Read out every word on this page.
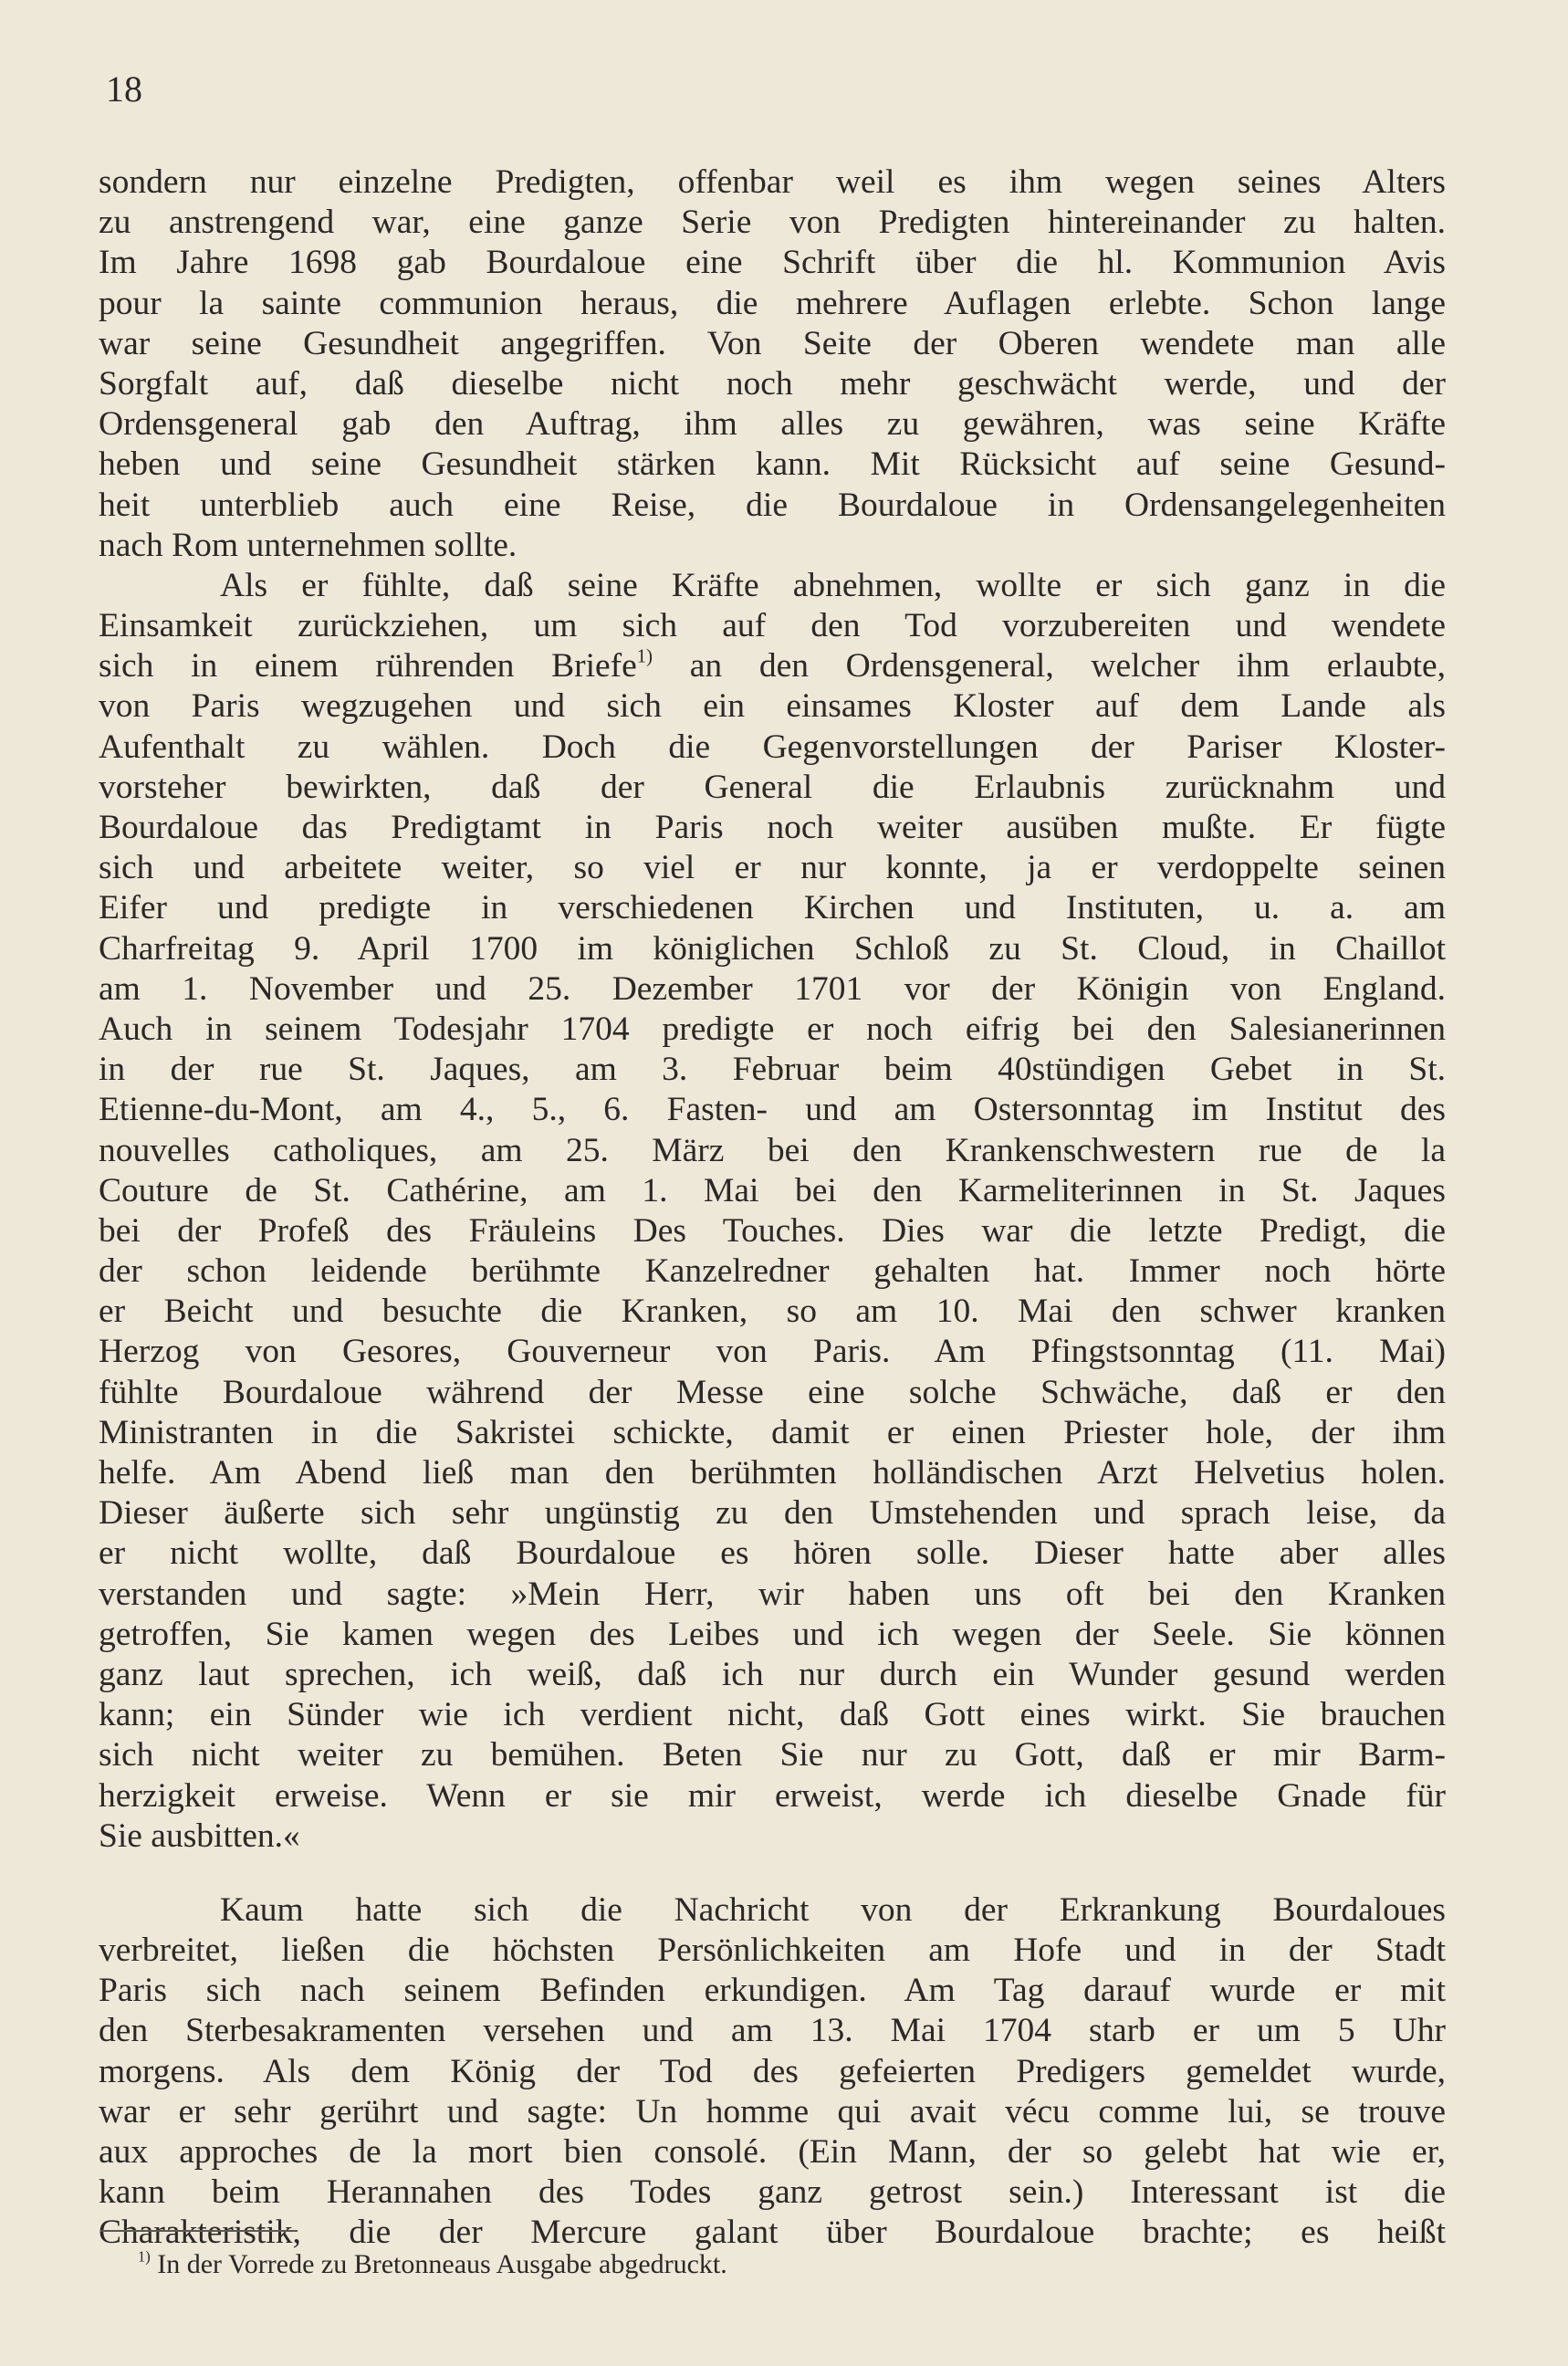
18
sondern nur einzelne Predigten, offenbar weil es ihm wegen seines Alters
zu anstrengend war, eine ganze Serie von Predigten hintereinander zu halten.
Im Jahre 1698 gab Bourdaloue eine Schrift über die hl. Kommunion Avis
pour la sainte communion heraus, die mehrere Auflagen erlebte. Schon lange
war seine Gesundheit angegriffen. Von Seite der Oberen wendete man alle
Sorgfalt auf, daß dieselbe nicht noch mehr geschwächt werde, und der
Ordensgeneral gab den Auftrag, ihm alles zu gewähren, was seine Kräfte
heben und seine Gesundheit stärken kann. Mit Rücksicht auf seine Gesund-
heit unterblieb auch eine Reise, die Bourdaloue in Ordensangelegenheiten
nach Rom unternehmen sollte.
Als er fühlte, daß seine Kräfte abnehmen, wollte er sich ganz in die
Einsamkeit zurückziehen, um sich auf den Tod vorzubereiten und wendete
sich in einem rührenden Briefe$^{1)}$ an den Ordensgeneral, welcher ihm erlaubte,
von Paris wegzugehen und sich ein einsames Kloster auf dem Lande als
Aufenthalt zu wählen. Doch die Gegenvorstellungen der Pariser Kloster-
vorsteher bewirkten, daß der General die Erlaubnis zurücknahm und
Bourdaloue das Predigtamt in Paris noch weiter ausüben mußte. Er fügte
sich und arbeitete weiter, so viel er nur konnte, ja er verdoppelte seinen
Eifer und predigte in verschiedenen Kirchen und Instituten, u. a. am
Charfreitag 9. April 1700 im königlichen Schloß zu St. Cloud, in Chaillot
am 1. November und 25. Dezember 1701 vor der Königin von England.
Auch in seinem Todesjahr 1704 predigte er noch eifrig bei den Salesianerinnen
in der rue St. Jaques, am 3. Februar beim 40stündigen Gebet in St.
Etienne-du-Mont, am 4., 5., 6. Fasten- und am Ostersonntag im Institut des
nouvelles catholiques, am 25. März bei den Krankenschwestern rue de la
Couture de St. Cathérine, am 1. Mai bei den Karmeliterinnen in St. Jaques
bei der Profeß des Fräuleins Des Touches. Dies war die letzte Predigt, die
der schon leidende berühmte Kanzelredner gehalten hat. Immer noch hörte
er Beicht und besuchte die Kranken, so am 10. Mai den schwer kranken
Herzog von Gesores, Gouverneur von Paris. Am Pfingstsonntag (11. Mai)
fühlte Bourdaloue während der Messe eine solche Schwäche, daß er den
Ministranten in die Sakristei schickte, damit er einen Priester hole, der ihm
helfe. Am Abend ließ man den berühmten holländischen Arzt Helvetius holen.
Dieser äußerte sich sehr ungünstig zu den Umstehenden und sprach leise, da
er nicht wollte, daß Bourdaloue es hören solle. Dieser hatte aber alles
verstanden und sagte: »Mein Herr, wir haben uns oft bei den Kranken
getroffen, Sie kamen wegen des Leibes und ich wegen der Seele. Sie können
ganz laut sprechen, ich weiß, daß ich nur durch ein Wunder gesund werden
kann; ein Sünder wie ich verdient nicht, daß Gott eines wirkt. Sie brauchen
sich nicht weiter zu bemühen. Beten Sie nur zu Gott, daß er mir Barm-
herzigkeit erweise. Wenn er sie mir erweist, werde ich dieselbe Gnade für
Sie ausbitten.«
Kaum hatte sich die Nachricht von der Erkrankung Bourdaloues
verbreitet, ließen die höchsten Persönlichkeiten am Hofe und in der Stadt
Paris sich nach seinem Befinden erkundigen. Am Tag darauf wurde er mit
den Sterbesakramenten versehen und am 13. Mai 1704 starb er um 5 Uhr
morgens. Als dem König der Tod des gefeierten Predigers gemeldet wurde,
war er sehr gerührt und sagte: Un homme qui avait vécu comme lui, se trouve
aux approches de la mort bien consolé. (Ein Mann, der so gelebt hat wie er,
kann beim Herannahen des Todes ganz getrost sein.) Interessant ist die
Charakteristik, die der Mercure galant über Bourdaloue brachte; es heißt
$^{1)}$ In der Vorrede zu Bretonneaus Ausgabe abgedruckt.
